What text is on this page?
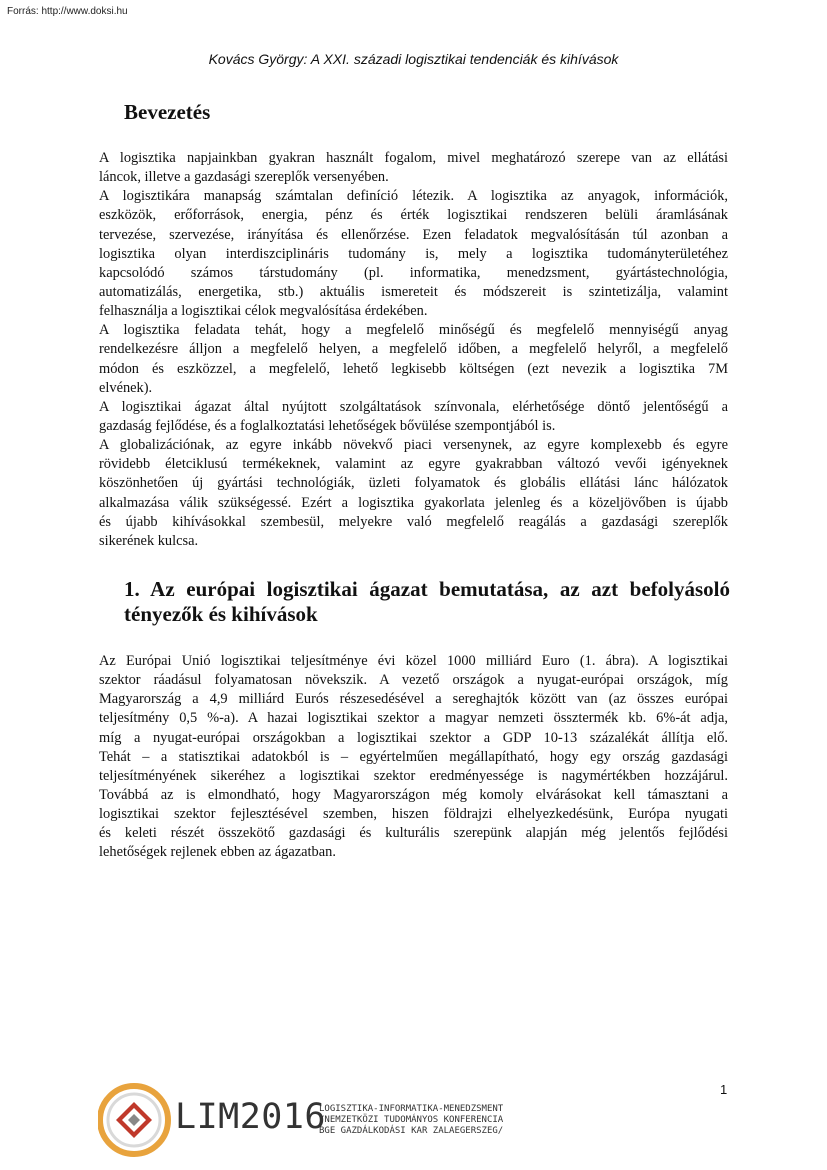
Forrás: http://www.doksi.hu
Kovács György: A XXI. századi logisztikai tendenciák és kihívások
Bevezetés
A logisztika napjainkban gyakran használt fogalom, mivel meghatározó szerepe van az ellátási
láncok, illetve a gazdasági szereplők versenyében.
A logisztikára manapság számtalan definíció létezik. A logisztika az anyagok, információk,
eszközök, erőforrások, energia, pénz és érték logisztikai rendszeren belüli áramlásának
tervezése, szervezése, irányítása és ellenőrzése. Ezen feladatok megvalósításán túl azonban a
logisztika olyan interdiszciplináris tudomány is, mely a logisztika tudományterületéhez
kapcsolódó számos társtudomány (pl. informatika, menedzsment, gyártástechnológia,
automatizálás, energetika, stb.) aktuális ismereteit és módszereit is szintetizálja, valamint
felhasználja a logisztikai célok megvalósítása érdekében.
A logisztika feladata tehát, hogy a megfelelő minőségű és megfelelő mennyiségű anyag
rendelkezésre álljon a megfelelő helyen, a megfelelő időben, a megfelelő helyről, a megfelelő
módon és eszközzel, a megfelelő, lehető legkisebb költségen (ezt nevezik a logisztika 7M
elvének).
A logisztikai ágazat által nyújtott szolgáltatások színvonala, elérhetősége döntő jelentőségű a
gazdaság fejlődése, és a foglalkoztatási lehetőségek bővülése szempontjából is.
A globalizációnak, az egyre inkább növekvő piaci versenynek, az egyre komplexebb és egyre
rövidebb életciklusú termékeknek, valamint az egyre gyakrabban változó vevői igényeknek
köszönhetően új gyártási technológiák, üzleti folyamatok és globális ellátási lánc hálózatok
alkalmazása válik szükségessé. Ezért a logisztika gyakorlata jelenleg és a közeljövőben is újabb
és újabb kihívásokkal szembesül, melyekre való megfelelő reagálás a gazdasági szereplők
sikerének kulcsa.
1. Az európai logisztikai ágazat bemutatása, az azt befolyásoló tényezők és kihívások
Az Európai Unió logisztikai teljesítménye évi közel 1000 milliárd Euro (1. ábra). A logisztikai
szektor ráadásul folyamatosan növekszik. A vezető országok a nyugat-európai országok, míg
Magyarország a 4,9 milliárd Eurós részesedésével a sereghajtók között van (az összes európai
teljesítmény 0,5 %-a). A hazai logisztikai szektor a magyar nemzeti össztermék kb. 6%-át adja,
míg a nyugat-európai országokban a logisztikai szektor a GDP 10-13 százalékát állítja elő.
Tehát – a statisztikai adatokból is – egyértelműen megállapítható, hogy egy ország gazdasági
teljesítményének sikeréhez a logisztikai szektor eredményessége is nagymértékben hozzájárul.
Továbbá az is elmondható, hogy Magyarországon még komoly elvárásokat kell támasztani a
logisztikai szektor fejlesztésével szemben, hiszen földrajzi elhelyezkedésünk, Európa nyugati
és keleti részét összekötő gazdasági és kulturális szerepünk alapján még jelentős fejlődési
lehetőségek rejlenek ebben az ágazatban.
1
LIM2016
LOGISZTIKA-INFORMATIKA-MENEDZSMENT
/NEMZETKÖZI TUDOMÁNYOS KONFERENCIA
BGE GAZDÁLKODÁSI KAR ZALAEGERSZEG/
